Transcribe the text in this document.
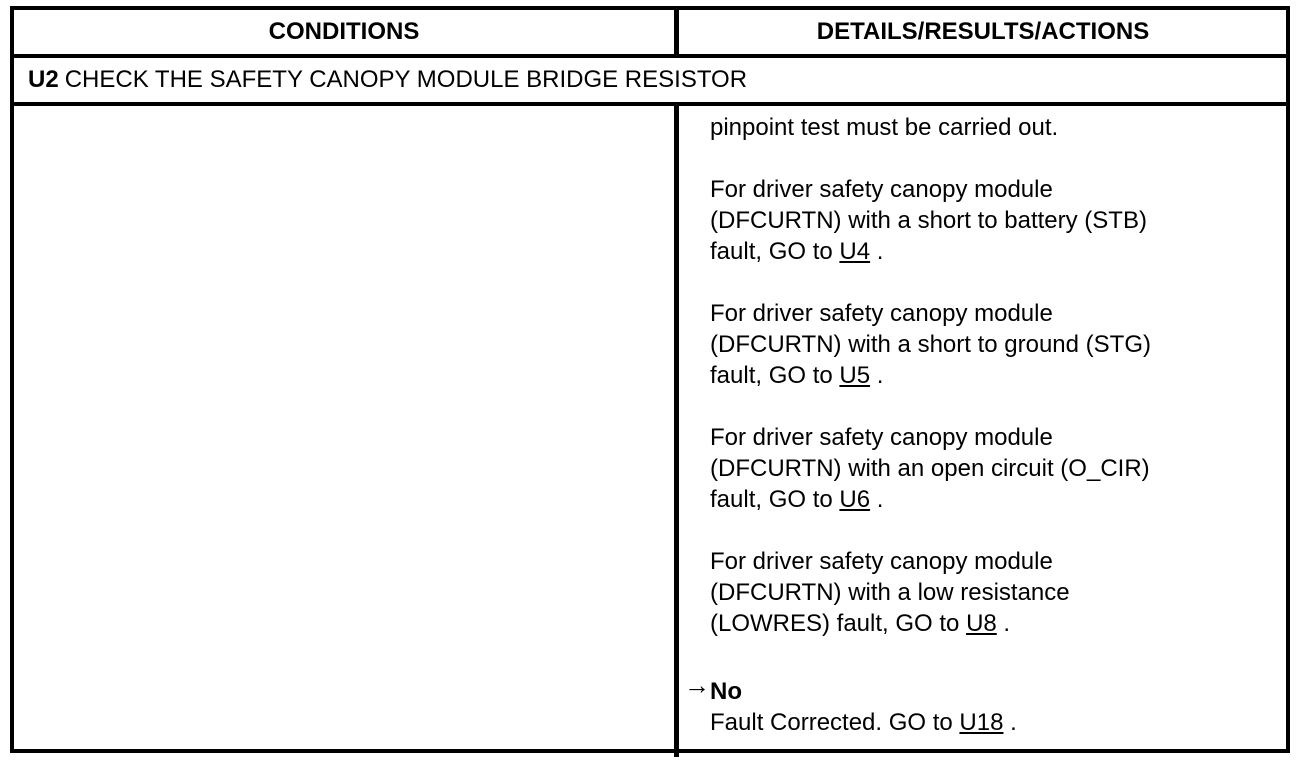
CONDITIONS	DETAILS/RESULTS/ACTIONS
U2 CHECK THE SAFETY CANOPY MODULE BRIDGE RESISTOR
pinpoint test must be carried out.
For driver safety canopy module
(DFCURTN) with a short to battery (STB)
fault, GO to U4 .
For driver safety canopy module
(DFCURTN) with a short to ground (STG)
fault, GO to U5 .
For driver safety canopy module
(DFCURTN) with an open circuit (O_CIR)
fault, GO to U6 .
For driver safety canopy module
(DFCURTN) with a low resistance
(LOWRES) fault, GO to U8 .
→ No
Fault Corrected. GO to U18 .
